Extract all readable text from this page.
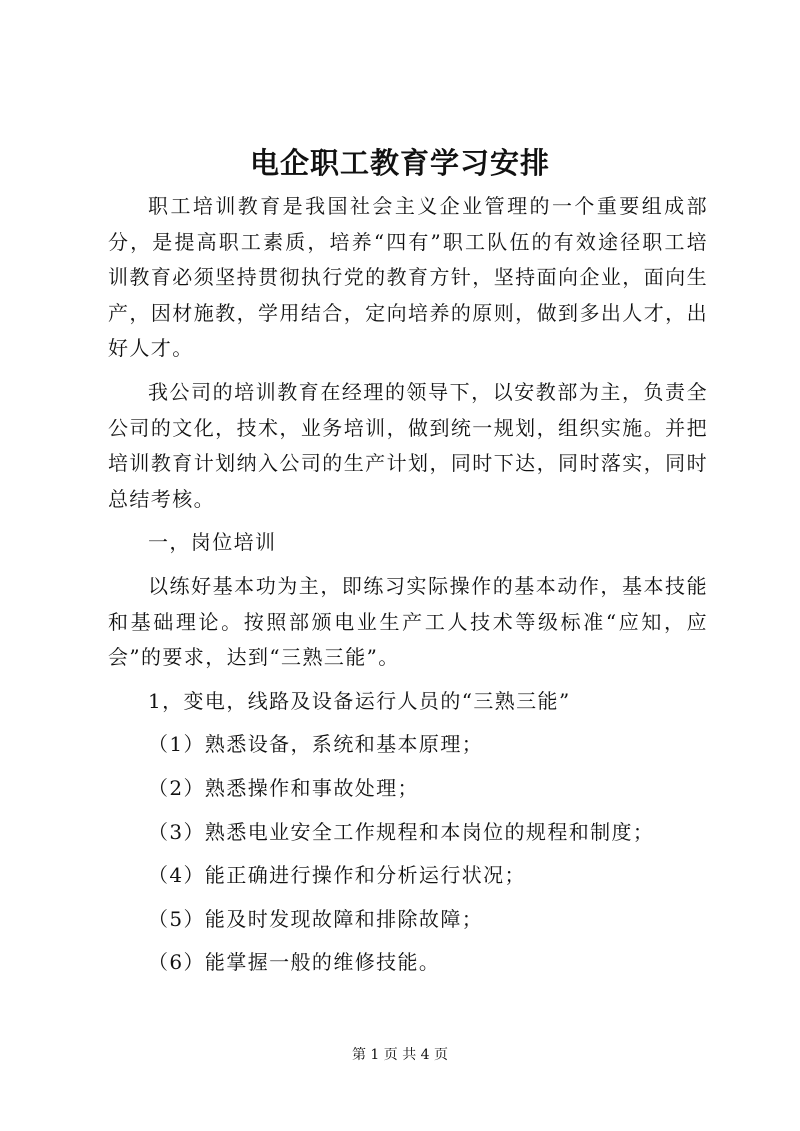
电企职工教育学习安排

职工培训教育是我国社会主义企业管理的一个重要组成部分，是提高职工素质，培养“四有”职工队伍的有效途径职工培训教育必须坚持贯彻执行党的教育方针，坚持面向企业，面向生产，因材施教，学用结合，定向培养的原则，做到多出人才，出好人才。

我公司的培训教育在经理的领导下，以安教部为主，负责全公司的文化，技术，业务培训，做到统一规划，组织实施。并把培训教育计划纳入公司的生产计划，同时下达，同时落实，同时总结考核。

一，岗位培训

以练好基本功为主，即练习实际操作的基本动作，基本技能和基础理论。按照部颁电业生产工人技术等级标准“应知，应会”的要求，达到“三熟三能”。

1，变电，线路及设备运行人员的“三熟三能”
（1）熟悉设备，系统和基本原理；
（2）熟悉操作和事故处理；
（3）熟悉电业安全工作规程和本岗位的规程和制度；
（4）能正确进行操作和分析运行状况；
（5）能及时发现故障和排除故障；
（6）能掌握一般的维修技能。
第 1 页 共 4 页
